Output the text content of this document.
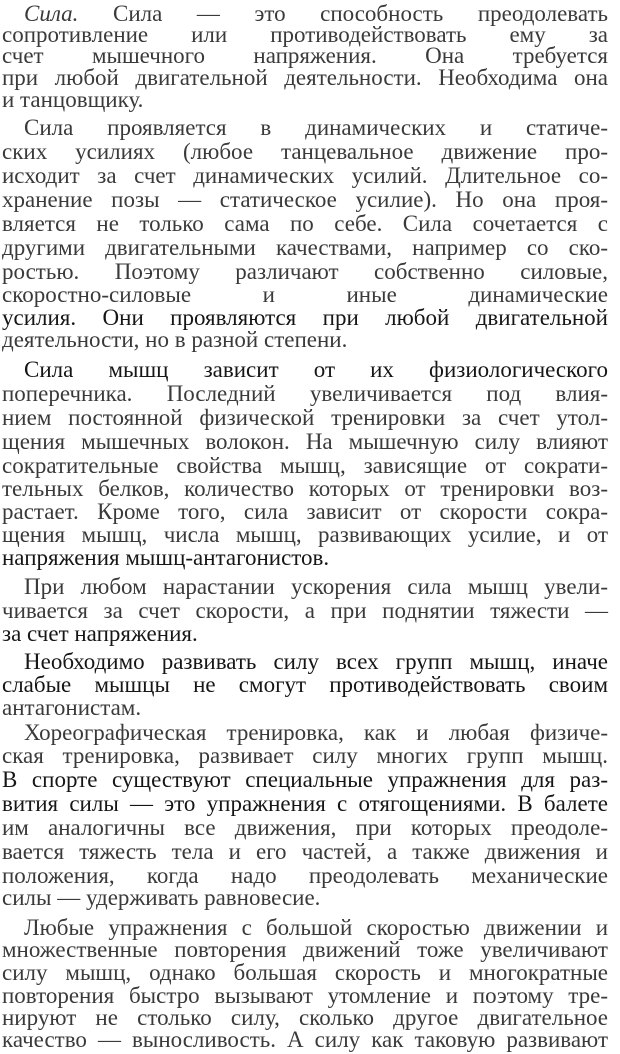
Сила. Сила — это способность преодолевать
сопротивление или противодействовать ему за
счет мышечного напряжения. Она требуется
при любой двигательной деятельности. Необходима она
и танцовщику.
Сила проявляется в динамических и статиче-
ских усилиях (любое танцевальное движение про-
исходит за счет динамических усилий. Длительное со-
хранение позы — статическое усилие). Но она проя-
вляется не только сама по себе. Сила сочетается с
другими двигательными качествами, например со ско-
ростью. Поэтому различают собственно силовые,
скоростно-силовые и иные динамические
усилия. Они проявляются при любой двигательной
деятельности, но в разной степени.
Сила мышц зависит от их физиологического
поперечника. Последний увеличивается под влия-
нием постоянной физической тренировки за счет утол-
щения мышечных волокон. На мышечную силу влияют
сократительные свойства мышц, зависящие от сократи-
тельных белков, количество которых от тренировки воз-
растает. Кроме того, сила зависит от скорости сокра-
щения мышц, числа мышц, развивающих усилие, и от
напряжения мышц-антагонистов.
При любом нарастании ускорения сила мышц увели-
чивается за счет скорости, а при поднятии тяжести —
за счет напряжения.
Необходимо развивать силу всех групп мышц, иначе
слабые мышцы не смогут противодействовать своим
антагонистам.
Хореографическая тренировка, как и любая физиче-
ская тренировка, развивает силу многих групп мышц.
В спорте существуют специальные упражнения для раз-
вития силы — это упражнения с отягощениями. В балете
им аналогичны все движения, при которых преодоле-
вается тяжесть тела и его частей, а также движения и
положения, когда надо преодолевать механические
силы — удерживать равновесие.
Любые упражнения с большой скоростью движении и
множественные повторения движений тоже увеличивают
силу мышц, однако большая скорость и многократные
повторения быстро вызывают утомление и поэтому тре-
нируют не столько силу, сколько другое двигательное
качество — выносливость. А силу как таковую развивают
